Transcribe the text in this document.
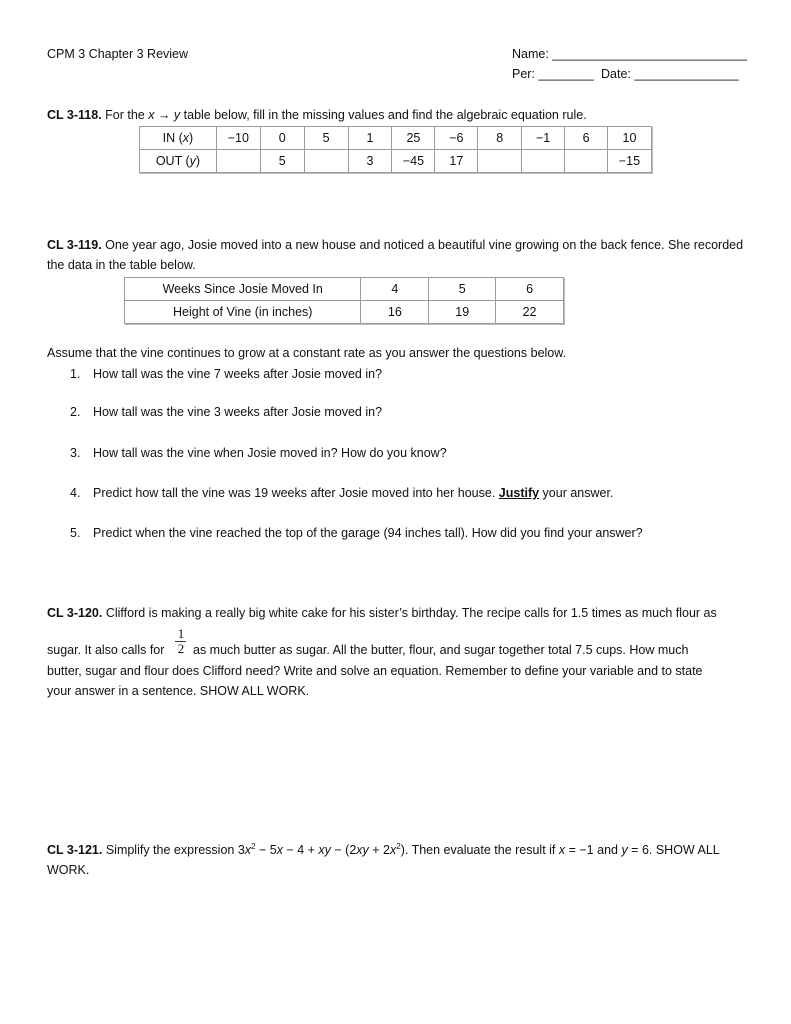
CPM 3 Chapter 3 Review	Name: ____________________________
Per: ________ Date: _______________
CL 3-118. For the x → y table below, fill in the missing values and find the algebraic equation rule.
IN (x)	−10	0	5	1	25	−6	8	−1	6	10
OUT (y)		5		3	−45	17				−15
CL 3-119. One year ago, Josie moved into a new house and noticed a beautiful vine growing on the back fence. She recorded the data in the table below.
Weeks Since Josie Moved In	4	5	6
Height of Vine (in inches)	16	19	22
Assume that the vine continues to grow at a constant rate as you answer the questions below.
1. How tall was the vine 7 weeks after Josie moved in?
2. How tall was the vine 3 weeks after Josie moved in?
3. How tall was the vine when Josie moved in? How do you know?
4. Predict how tall the vine was 19 weeks after Josie moved into her house. Justify your answer.
5. Predict when the vine reached the top of the garage (94 inches tall). How did you find your answer?
CL 3-120. Clifford is making a really big white cake for his sister’s birthday. The recipe calls for 1.5 times as much flour as
sugar. It also calls for
1
2 as much butter as sugar. All the butter, flour, and sugar together total 7.5 cups. How much
butter, sugar and flour does Clifford need? Write and solve an equation. Remember to define your variable and to state
your answer in a sentence. SHOW ALL WORK.
CL 3-121. Simplify the expression $3x^2 - 5x - 4$ + xy − $(2xy + 2x^2)$. Then evaluate the result if x = −1 and y = 6. SHOW ALL
WORK.
